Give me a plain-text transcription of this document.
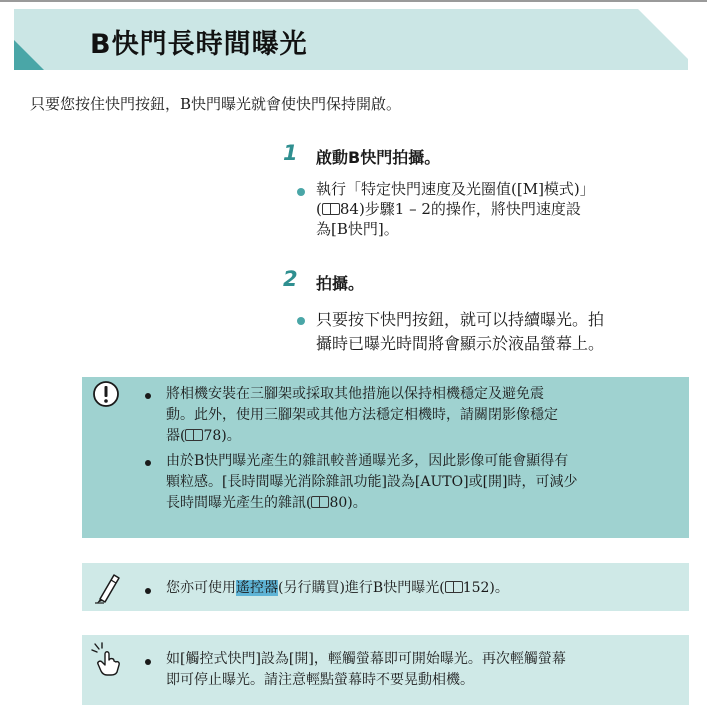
B快門長時間曝光
只要您按住快門按鈕，B快門曝光就會使快門保持開啟。
1 啟動B快門拍攝。
執行「特定快門速度及光圈值([M]模式)」
( 84)步驟1 – 2的操作，將快門速度設
為[B快門]。
2 拍攝。
只要按下快門按鈕，就可以持續曝光。拍
攝時已曝光時間將會顯示於液晶螢幕上。
將相機安裝在三腳架或採取其他措施以保持相機穩定及避免震
動。此外，使用三腳架或其他方法穩定相機時，請關閉影像穩定
器( 78)。
由於B快門曝光產生的雜訊較普通曝光多，因此影像可能會顯得有
顆粒感。[長時間曝光消除雜訊功能]設為[AUTO]或[開]時，可減少
長時間曝光產生的雜訊( 80)。
您亦可使用遙控器(另行購買)進行B快門曝光( 152)。
如[觸控式快門]設為[開]，輕觸螢幕即可開始曝光。再次輕觸螢幕
即可停止曝光。請注意輕點螢幕時不要晃動相機。
